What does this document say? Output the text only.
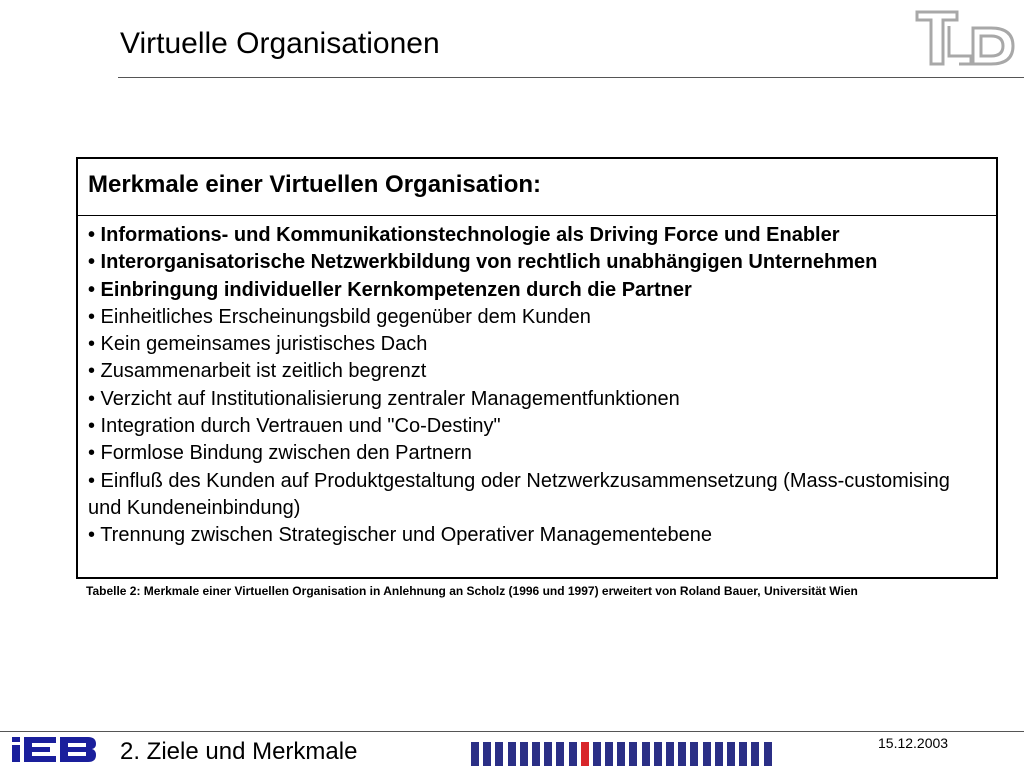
Virtuelle Organisationen
Merkmale einer Virtuellen Organisation:
• Informations- und Kommunikationstechnologie als Driving Force und Enabler
• Interorganisatorische Netzwerkbildung von rechtlich unabhängigen Unternehmen
• Einbringung individueller Kernkompetenzen durch die Partner
• Einheitliches Erscheinungsbild gegenüber dem Kunden
• Kein gemeinsames juristisches Dach
• Zusammenarbeit ist zeitlich begrenzt
• Verzicht auf Institutionalisierung zentraler Managementfunktionen
• Integration durch Vertrauen und "Co-Destiny"
• Formlose Bindung zwischen den Partnern
• Einfluß des Kunden auf Produktgestaltung oder Netzwerkzusammensetzung (Mass-customising und Kundeneinbindung)
• Trennung zwischen Strategischer und Operativer Managementebene
Tabelle 2: Merkmale einer Virtuellen Organisation in Anlehnung an Scholz (1996 und 1997) erweitert von Roland Bauer, Universität Wien
2. Ziele und Merkmale	15.12.2003
